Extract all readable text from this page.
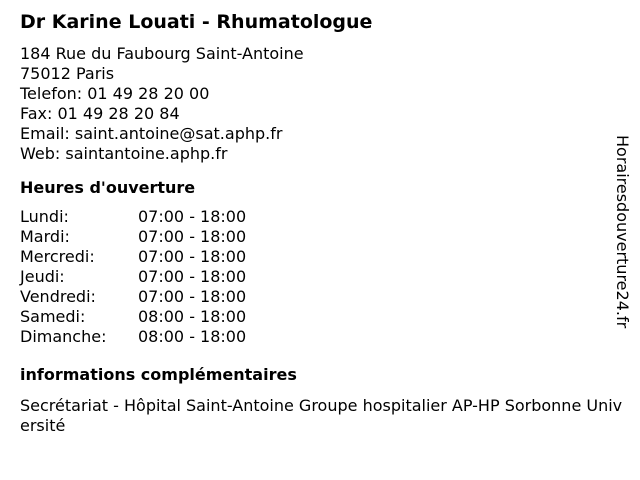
Dr Karine Louati - Rhumatologue
184 Rue du Faubourg Saint-Antoine
75012 Paris
Telefon: 01 49 28 20 00
Fax: 01 49 28 20 84
Email: saint.antoine@sat.aphp.fr
Web: saintantoine.aphp.fr
Heures d'ouverture
Lundi:	07:00 - 18:00
Mardi:	07:00 - 18:00
Mercredi:	07:00 - 18:00
Jeudi:	07:00 - 18:00
Vendredi:	07:00 - 18:00
Samedi:	08:00 - 18:00
Dimanche:	08:00 - 18:00
informations complémentaires
Secrétariat - Hôpital Saint-Antoine Groupe hospitalier AP-HP Sorbonne Université
Horairesdouverture24.fr
